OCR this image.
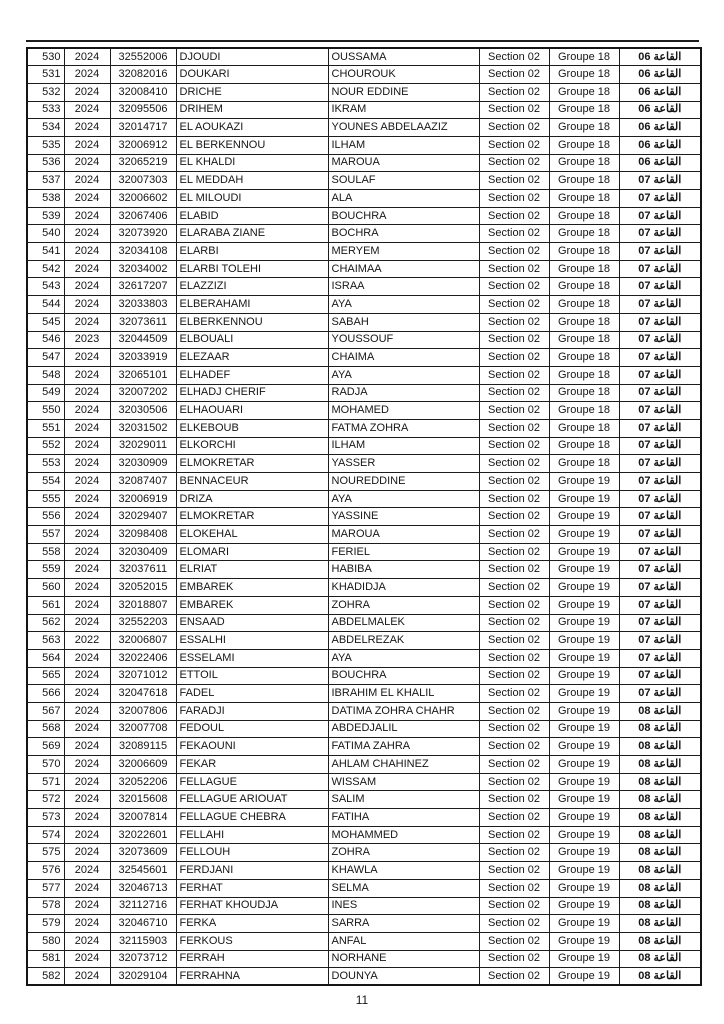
530	2024	32552006	DJOUDI	OUSSAMA	Section 02	Groupe 18	القاعة 06
531	2024	32082016	DOUKARI	CHOUROUK	Section 02	Groupe 18	القاعة 06
532	2024	32008410	DRICHE	NOUR EDDINE	Section 02	Groupe 18	القاعة 06
533	2024	32095506	DRIHEM	IKRAM	Section 02	Groupe 18	القاعة 06
534	2024	32014717	EL AOUKAZI	YOUNES ABDELAAZIZ	Section 02	Groupe 18	القاعة 06
535	2024	32006912	EL BERKENNOU	ILHAM	Section 02	Groupe 18	القاعة 06
536	2024	32065219	EL KHALDI	MAROUA	Section 02	Groupe 18	القاعة 06
537	2024	32007303	EL MEDDAH	SOULAF	Section 02	Groupe 18	القاعة 07
538	2024	32006602	EL MILOUDI	ALA	Section 02	Groupe 18	القاعة 07
539	2024	32067406	ELABID	BOUCHRA	Section 02	Groupe 18	القاعة 07
540	2024	32073920	ELARABA ZIANE	BOCHRA	Section 02	Groupe 18	القاعة 07
541	2024	32034108	ELARBI	MERYEM	Section 02	Groupe 18	القاعة 07
542	2024	32034002	ELARBI TOLEHI	CHAIMAA	Section 02	Groupe 18	القاعة 07
543	2024	32617207	ELAZZIZI	ISRAA	Section 02	Groupe 18	القاعة 07
544	2024	32033803	ELBERAHAMI	AYA	Section 02	Groupe 18	القاعة 07
545	2024	32073611	ELBERKENNOU	SABAH	Section 02	Groupe 18	القاعة 07
546	2023	32044509	ELBOUALI	YOUSSOUF	Section 02	Groupe 18	القاعة 07
547	2024	32033919	ELEZAAR	CHAIMA	Section 02	Groupe 18	القاعة 07
548	2024	32065101	ELHADEF	AYA	Section 02	Groupe 18	القاعة 07
549	2024	32007202	ELHADJ CHERIF	RADJA	Section 02	Groupe 18	القاعة 07
550	2024	32030506	ELHAOUARI	MOHAMED	Section 02	Groupe 18	القاعة 07
551	2024	32031502	ELKEBOUB	FATMA ZOHRA	Section 02	Groupe 18	القاعة 07
552	2024	32029011	ELKORCHI	ILHAM	Section 02	Groupe 18	القاعة 07
553	2024	32030909	ELMOKRETAR	YASSER	Section 02	Groupe 18	القاعة 07
554	2024	32087407	BENNACEUR	NOUREDDINE	Section 02	Groupe 19	القاعة 07
555	2024	32006919	DRIZA	AYA	Section 02	Groupe 19	القاعة 07
556	2024	32029407	ELMOKRETAR	YASSINE	Section 02	Groupe 19	القاعة 07
557	2024	32098408	ELOKEHAL	MAROUA	Section 02	Groupe 19	القاعة 07
558	2024	32030409	ELOMARI	FERIEL	Section 02	Groupe 19	القاعة 07
559	2024	32037611	ELRIAT	HABIBA	Section 02	Groupe 19	القاعة 07
560	2024	32052015	EMBAREK	KHADIDJA	Section 02	Groupe 19	القاعة 07
561	2024	32018807	EMBAREK	ZOHRA	Section 02	Groupe 19	القاعة 07
562	2024	32552203	ENSAAD	ABDELMALEK	Section 02	Groupe 19	القاعة 07
563	2022	32006807	ESSALHI	ABDELREZAK	Section 02	Groupe 19	القاعة 07
564	2024	32022406	ESSELAMI	AYA	Section 02	Groupe 19	القاعة 07
565	2024	32071012	ETTOIL	BOUCHRA	Section 02	Groupe 19	القاعة 07
566	2024	32047618	FADEL	IBRAHIM EL KHALIL	Section 02	Groupe 19	القاعة 07
567	2024	32007806	FARADJI	DATIMA ZOHRA CHAHR	Section 02	Groupe 19	القاعة 08
568	2024	32007708	FEDOUL	ABDEDJALIL	Section 02	Groupe 19	القاعة 08
569	2024	32089115	FEKAOUNI	FATIMA ZAHRA	Section 02	Groupe 19	القاعة 08
570	2024	32006609	FEKAR	AHLAM CHAHINEZ	Section 02	Groupe 19	القاعة 08
571	2024	32052206	FELLAGUE	WISSAM	Section 02	Groupe 19	القاعة 08
572	2024	32015608	FELLAGUE ARIOUAT	SALIM	Section 02	Groupe 19	القاعة 08
573	2024	32007814	FELLAGUE CHEBRA	FATIHA	Section 02	Groupe 19	القاعة 08
574	2024	32022601	FELLAHI	MOHAMMED	Section 02	Groupe 19	القاعة 08
575	2024	32073609	FELLOUH	ZOHRA	Section 02	Groupe 19	القاعة 08
576	2024	32545601	FERDJANI	KHAWLA	Section 02	Groupe 19	القاعة 08
577	2024	32046713	FERHAT	SELMA	Section 02	Groupe 19	القاعة 08
578	2024	32112716	FERHAT KHOUDJA	INES	Section 02	Groupe 19	القاعة 08
579	2024	32046710	FERKA	SARRA	Section 02	Groupe 19	القاعة 08
580	2024	32115903	FERKOUS	ANFAL	Section 02	Groupe 19	القاعة 08
581	2024	32073712	FERRAH	NORHANE	Section 02	Groupe 19	القاعة 08
582	2024	32029104	FERRAHNA	DOUNYA	Section 02	Groupe 19	القاعة 08
11
